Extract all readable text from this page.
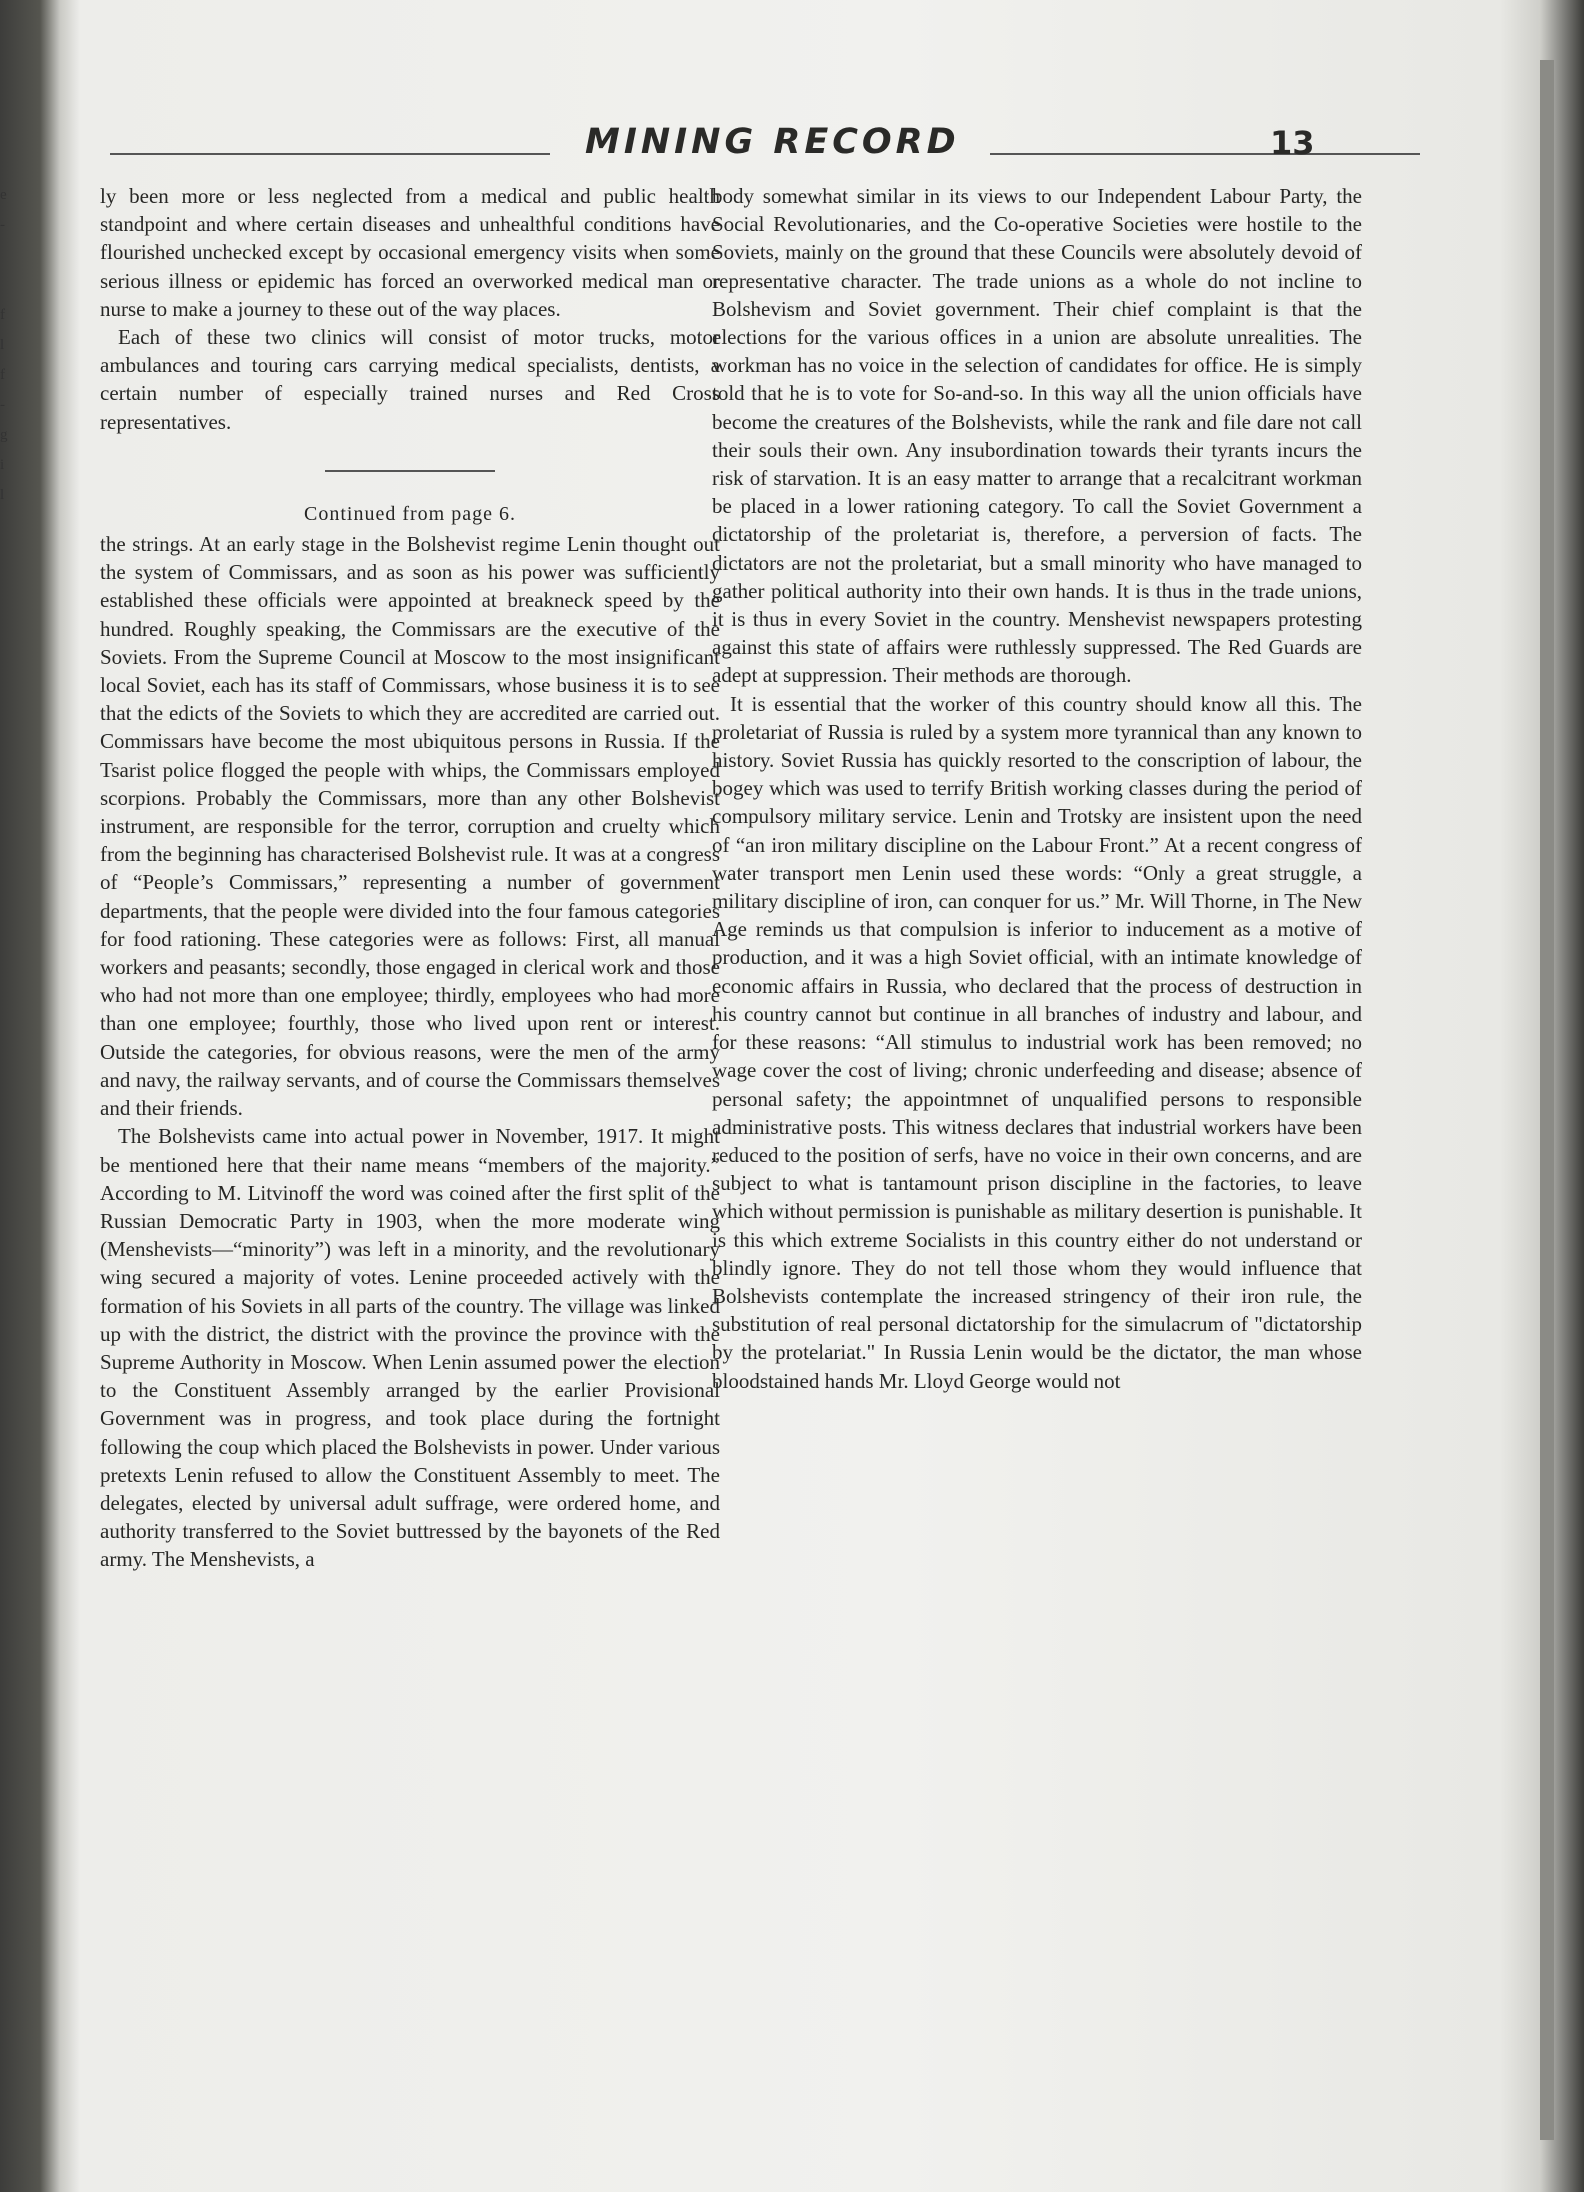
e
-
f
l
f
-
g
i
l
MINING RECORD	13

ly been more or less neglected from a medical and public health standpoint and where certain diseases and unhealthful conditions have flourished unchecked except by occasional emergency visits when some serious illness or epidemic has forced an overworked medical man or nurse to make a journey to these out of the way places.

Each of these two clinics will consist of motor trucks, motor ambulances and touring cars carrying medical specialists, dentists, a certain number of especially trained nurses and Red Cross representatives.

Continued from page 6.

the strings. At an early stage in the Bolshevist regime Lenin thought out the system of Commissars, and as soon as his power was sufficiently established these officials were appointed at breakneck speed by the hundred. Roughly speaking, the Commissars are the executive of the Soviets. From the Supreme Council at Moscow to the most insignificant local Soviet, each has its staff of Commissars, whose business it is to see that the edicts of the Soviets to which they are accredited are carried out. Commissars have become the most ubiquitous persons in Russia. If the Tsarist police flogged the people with whips, the Commissars employed scorpions. Probably the Commissars, more than any other Bolshevist instrument, are responsible for the terror, corruption and cruelty which from the beginning has characterised Bolshevist rule. It was at a congress of “People’s Commissars,” representing a number of government departments, that the people were divided into the four famous categories for food rationing. These categories were as follows: First, all manual workers and peasants; secondly, those engaged in clerical work and those who had not more than one employee; thirdly, employees who had more than one employee; fourthly, those who lived upon rent or interest. Outside the categories, for obvious reasons, were the men of the army and navy, the railway servants, and of course the Commissars themselves and their friends.

The Bolshevists came into actual power in November, 1917. It might be mentioned here that their name means “members of the majority.” According to M. Litvinoff the word was coined after the first split of the Russian Democratic Party in 1903, when the more moderate wing (Menshevists—“minority”) was left in a minority, and the revolutionary wing secured a majority of votes. Lenine proceeded actively with the formation of his Soviets in all parts of the country. The village was linked up with the district, the district with the province the province with the Supreme Authority in Moscow. When Lenin assumed power the election to the Constituent Assembly arranged by the earlier Provisional Government was in progress, and took place during the fortnight following the coup which placed the Bolshevists in power. Under various pretexts Lenin refused to allow the Constituent Assembly to meet. The delegates, elected by universal adult suffrage, were ordered home, and authority transferred to the Soviet buttressed by the bayonets of the Red army. The Menshevists, a

body somewhat similar in its views to our Independent Labour Party, the Social Revolutionaries, and the Co-operative Societies were hostile to the Soviets, mainly on the ground that these Councils were absolutely devoid of representative character. The trade unions as a whole do not incline to Bolshevism and Soviet government. Their chief complaint is that the elections for the various offices in a union are absolute unrealities. The workman has no voice in the selection of candidates for office. He is simply told that he is to vote for So-and-so. In this way all the union officials have become the creatures of the Bolshevists, while the rank and file dare not call their souls their own. Any insubordination towards their tyrants incurs the risk of starvation. It is an easy matter to arrange that a recalcitrant workman be placed in a lower rationing category. To call the Soviet Government a dictatorship of the proletariat is, therefore, a perversion of facts. The dictators are not the proletariat, but a small minority who have managed to gather political authority into their own hands. It is thus in the trade unions, it is thus in every Soviet in the country. Menshevist newspapers protesting against this state of affairs were ruthlessly suppressed. The Red Guards are adept at suppression. Their methods are thorough.

It is essential that the worker of this country should know all this. The proletariat of Russia is ruled by a system more tyrannical than any known to history. Soviet Russia has quickly resorted to the conscription of labour, the bogey which was used to terrify British working classes during the period of compulsory military service. Lenin and Trotsky are insistent upon the need of “an iron military discipline on the Labour Front.” At a recent congress of water transport men Lenin used these words: “Only a great struggle, a military discipline of iron, can conquer for us.” Mr. Will Thorne, in The New Age reminds us that compulsion is inferior to inducement as a motive of production, and it was a high Soviet official, with an intimate knowledge of economic affairs in Russia, who declared that the process of destruction in his country cannot but continue in all branches of industry and labour, and for these reasons: “All stimulus to industrial work has been removed; no wage cover the cost of living; chronic underfeeding and disease; absence of personal safety; the appointmnet of unqualified persons to responsible administrative posts. This witness declares that industrial workers have been reduced to the position of serfs, have no voice in their own concerns, and are subject to what is tantamount prison discipline in the factories, to leave which without permission is punishable as military desertion is punishable. It is this which extreme Socialists in this country either do not understand or blindly ignore. They do not tell those whom they would influence that Bolshevists contemplate the increased stringency of their iron rule, the substitution of real personal dictatorship for the simulacrum of "dictatorship by the protelariat." In Russia Lenin would be the dictator, the man whose bloodstained hands Mr. Lloyd George would not
